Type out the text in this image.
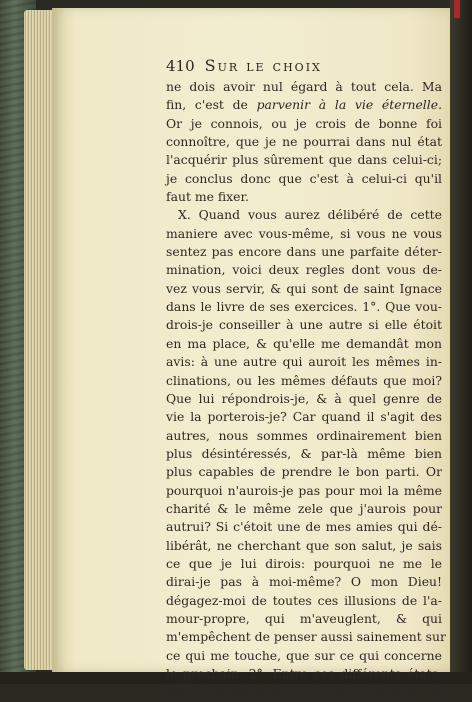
410 Sur le choix
ne dois avoir nul égard à tout cela. Ma
fin, c'est de parvenir à la vie éternelle.
Or je connois, ou je crois de bonne foi
connoître, que je ne pourrai dans nul état
l'acquérir plus sûrement que dans celui-ci;
je conclus donc que c'est à celui-ci qu'il
faut me fixer.
X. Quand vous aurez délibéré de cette
maniere avec vous-même, si vous ne vous
sentez pas encore dans une parfaite déter-
mination, voici deux regles dont vous de-
vez vous servir, & qui sont de saint Ignace
dans le livre de ses exercices. 1°. Que vou-
drois-je conseiller à une autre si elle étoit
en ma place, & qu'elle me demandât mon
avis: à une autre qui auroit les mêmes in-
clinations, ou les mêmes défauts que moi?
Que lui répondrois-je, & à quel genre de
vie la porterois-je? Car quand il s'agit des
autres, nous sommes ordinairement bien
plus désintéressés, & par-là même bien
plus capables de prendre le bon parti. Or
pourquoi n'aurois-je pas pour moi la même
charité & le même zele que j'aurois pour
autrui? Si c'étoit une de mes amies qui dé-
libérât, ne cherchant que son salut, je sais
ce que je lui dirois: pourquoi ne me le
dirai-je pas à moi-même? O mon Dieu!
dégagez-moi de toutes ces illusions de l'a-
mour-propre, qui m'aveuglent, & qui
m'empêchent de penser aussi sainement sur
ce qui me touche, que sur ce qui concerne
le prochain. 2°. Entre ces différents états,
lequel voudrois-je avoir pris, lorsque je
